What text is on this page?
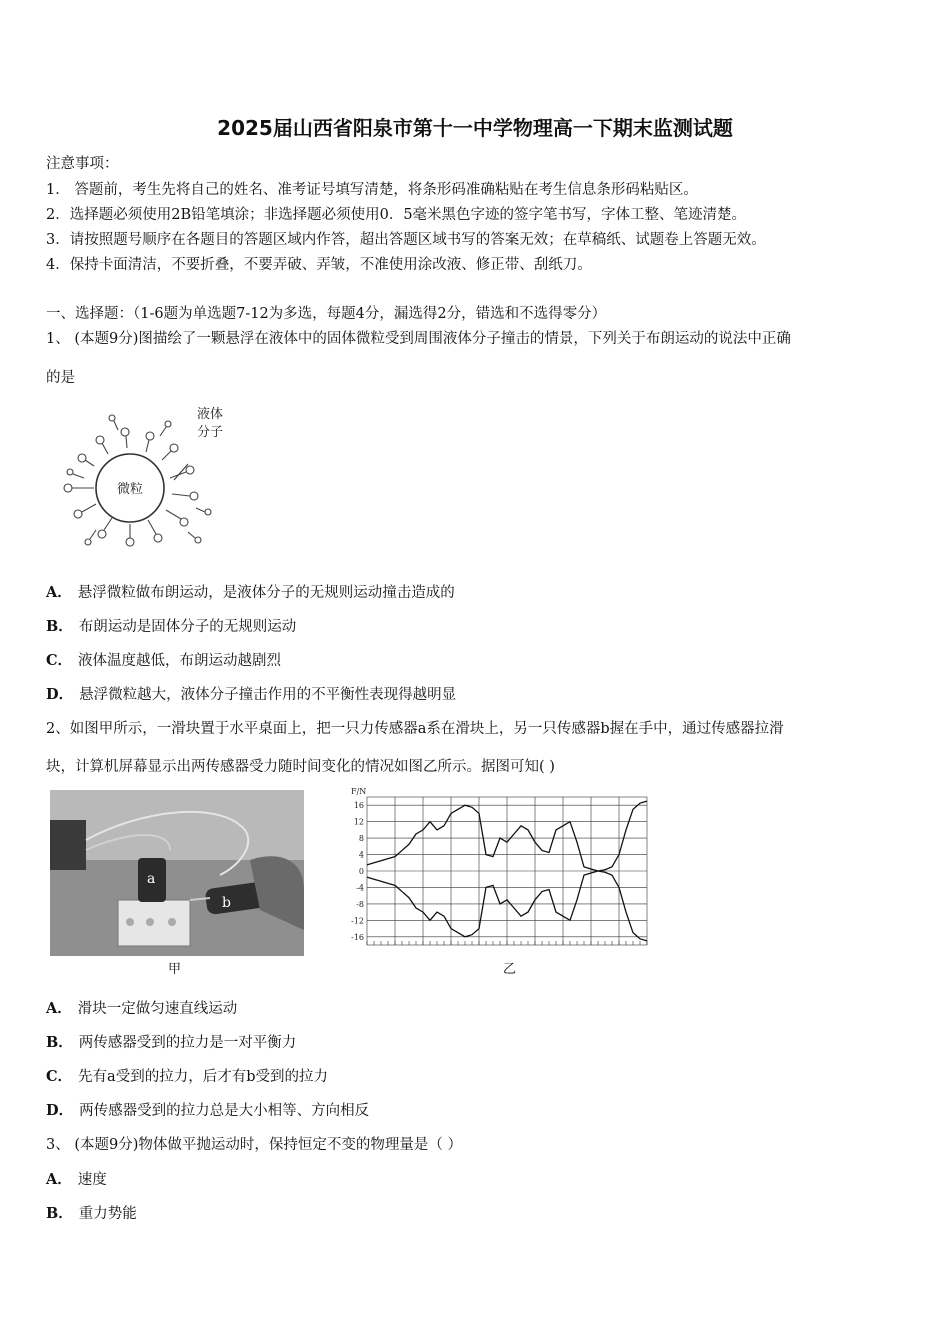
2025届山西省阳泉市第十一中学物理高一下期末监测试题
注意事项：
1． 答题前，考生先将自己的姓名、准考证号填写清楚，将条形码准确粘贴在考生信息条形码粘贴区。
2．选择题必须使用2B铅笔填涂；非选择题必须使用0．5毫米黑色字迹的签字笔书写，字体工整、笔迹清楚。
3．请按照题号顺序在各题目的答题区域内作答，超出答题区域书写的答案无效；在草稿纸、试题卷上答题无效。
4．保持卡面清洁，不要折叠，不要弄破、弄皱，不准使用涂改液、修正带、刮纸刀。
一、选择题：（1-6题为单选题7-12为多选，每题4分，漏选得2分，错选和不选得零分）
1、 (本题9分)图描绘了一颗悬浮在液体中的固体微粒受到周围液体分子撞击的情景，下列关于布朗运动的说法中正确
的是
微粒
液体
分子
A． 悬浮微粒做布朗运动，是液体分子的无规则运动撞击造成的
B． 布朗运动是固体分子的无规则运动
C． 液体温度越低，布朗运动越剧烈
D． 悬浮微粒越大，液体分子撞击作用的不平衡性表现得越明显
2、如图甲所示，一滑块置于水平桌面上，把一只力传感器a系在滑块上，另一只传感器b握在手中，通过传感器拉滑
块，计算机屏幕显示出两传感器受力随时间变化的情况如图乙所示。据图可知( )
a
b
甲
16
12
8
4
0
-4
-8
-12
-16
F/N
乙
A． 滑块一定做匀速直线运动
B． 两传感器受到的拉力是一对平衡力
C． 先有a受到的拉力，后才有b受到的拉力
D． 两传感器受到的拉力总是大小相等、方向相反
3、 (本题9分)物体做平抛运动时，保持恒定不变的物理量是（ ）
A． 速度
B． 重力势能
